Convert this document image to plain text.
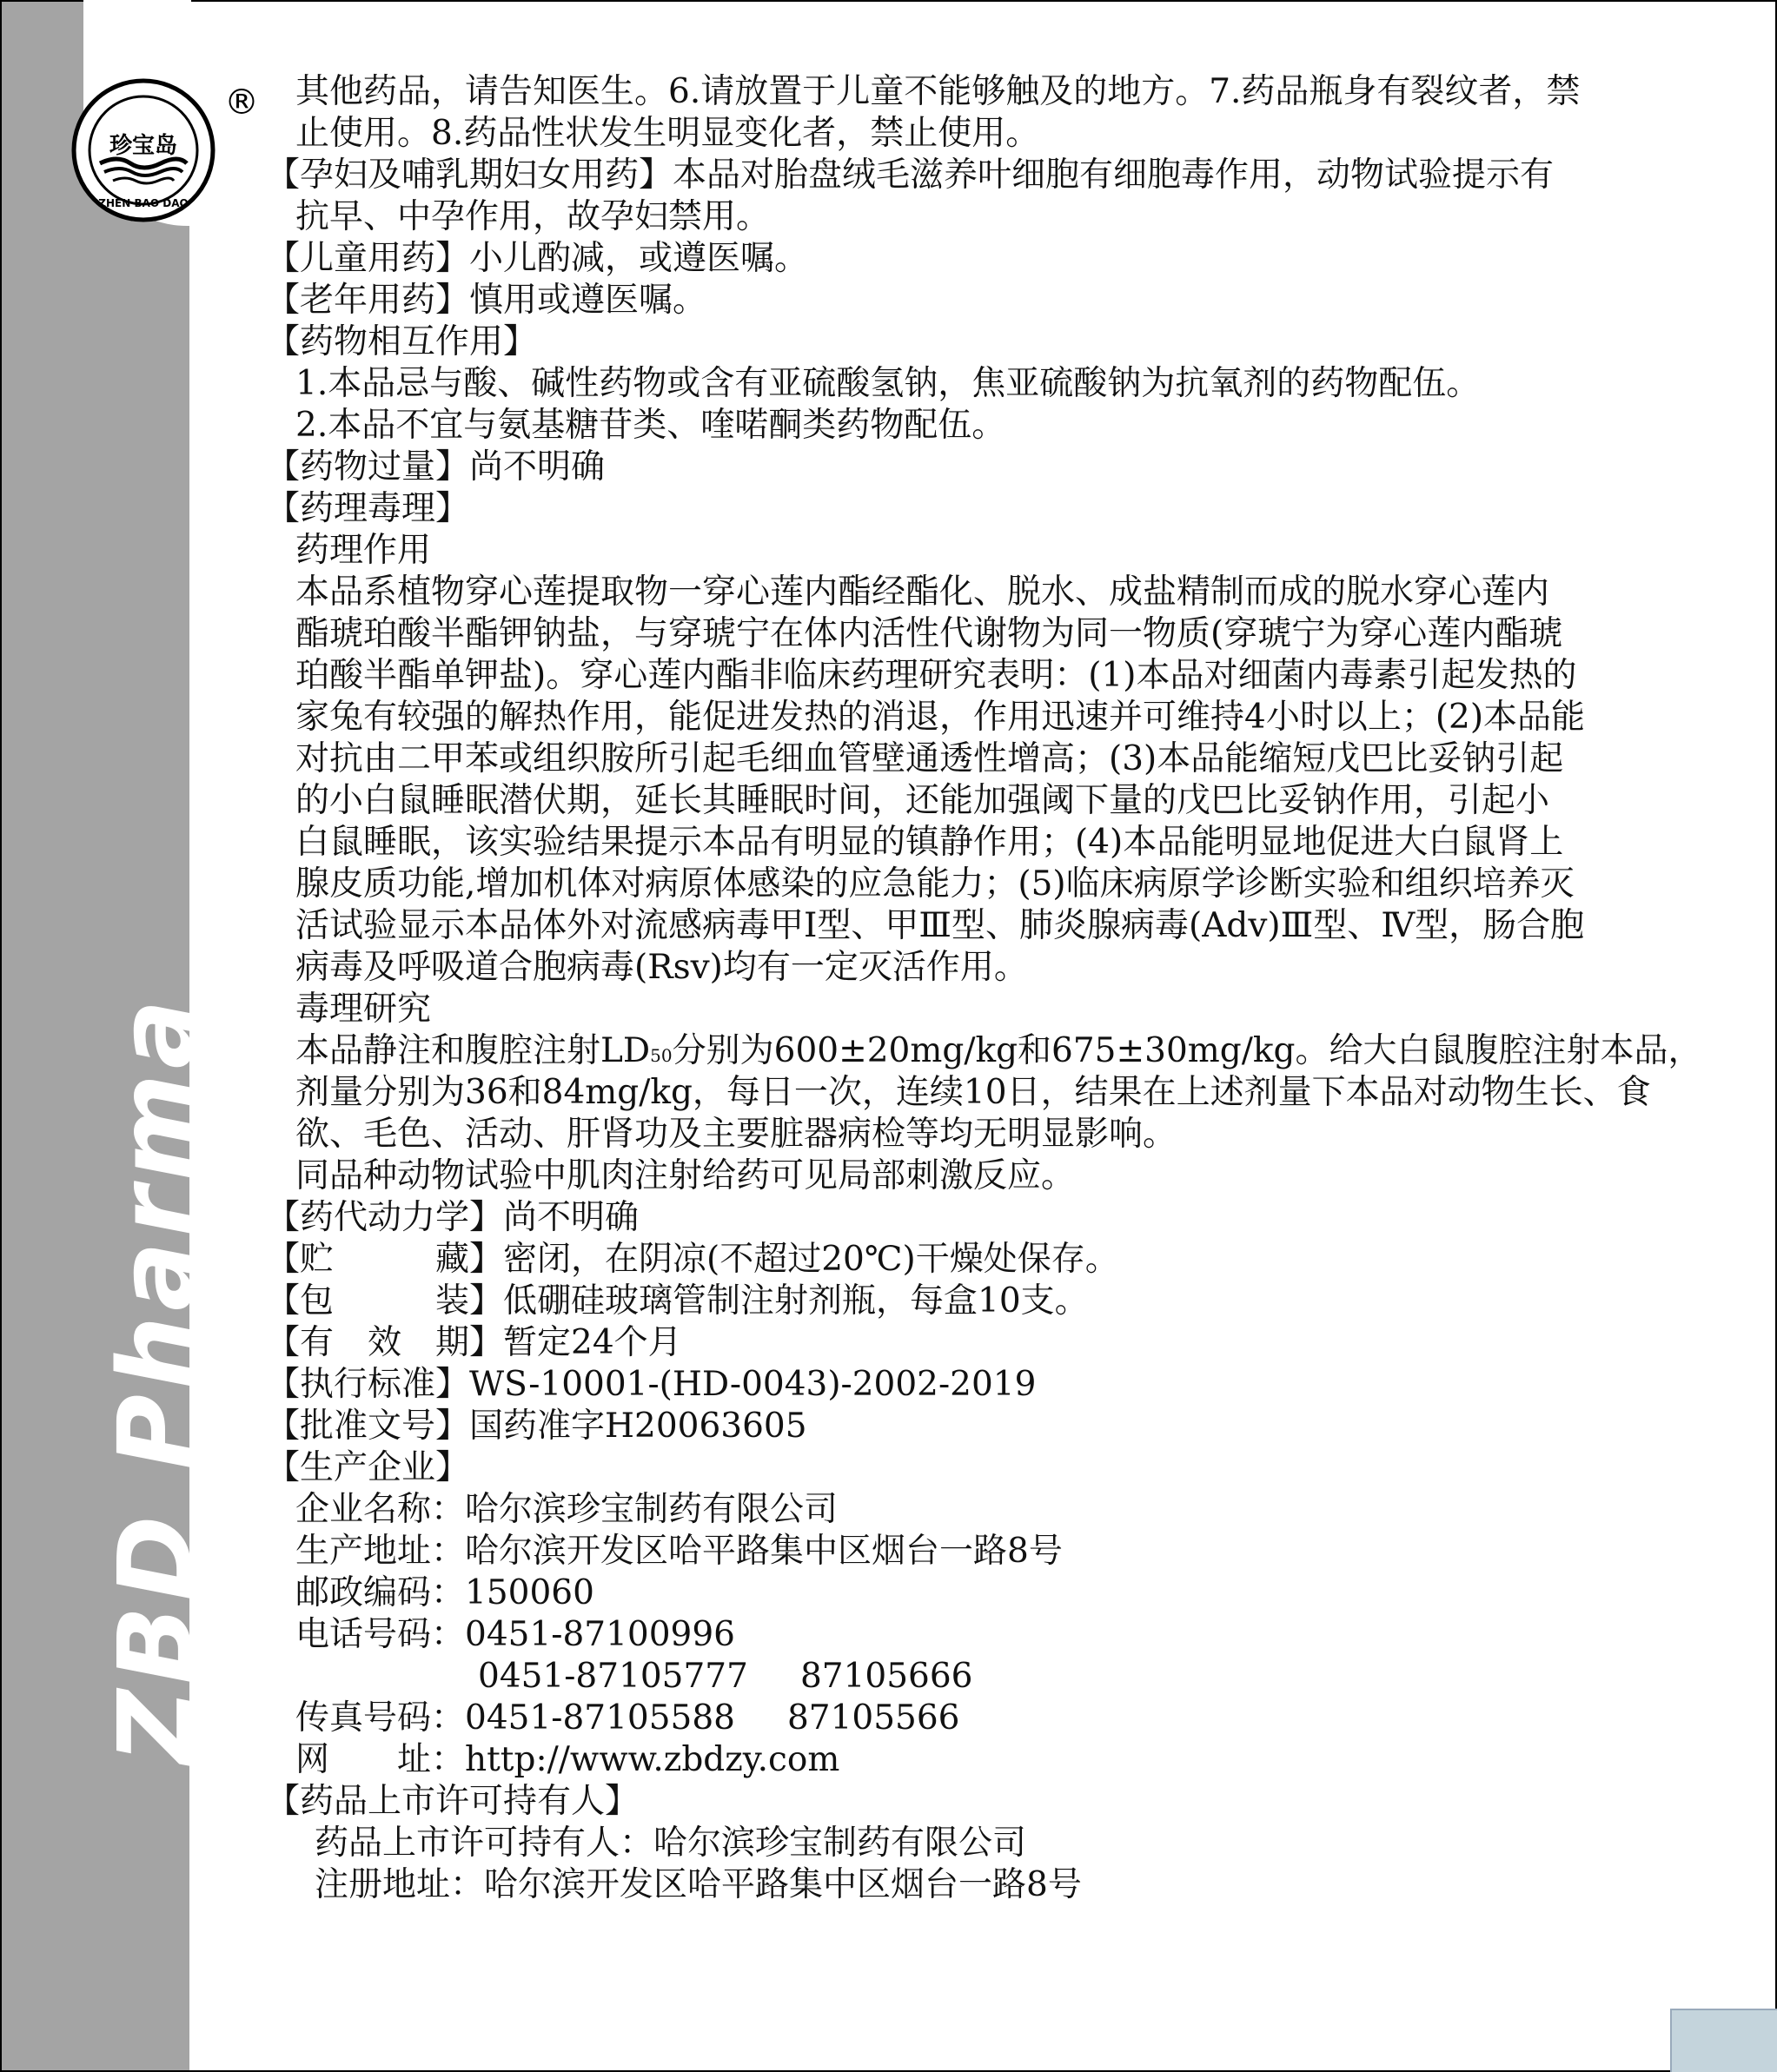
ZBD Pharma
珍宝岛
ZHEN BAO DAO
®	其他药品，请告知医生。6.请放置于儿童不能够触及的地方。7.药品瓶身有裂纹者，禁
止使用。8.药品性状发生明显变化者，禁止使用。
【孕妇及哺乳期妇女用药】本品对胎盘绒毛滋养叶细胞有细胞毒作用，动物试验提示有
抗早、中孕作用，故孕妇禁用。
【儿童用药】小儿酌减，或遵医嘱。
【老年用药】慎用或遵医嘱。
【药物相互作用】
1.本品忌与酸、碱性药物或含有亚硫酸氢钠，焦亚硫酸钠为抗氧剂的药物配伍。
2.本品不宜与氨基糖苷类、喹喏酮类药物配伍。
【药物过量】尚不明确
【药理毒理】
药理作用
本品系植物穿心莲提取物一穿心莲内酯经酯化、脱水、成盐精制而成的脱水穿心莲内
酯琥珀酸半酯钾钠盐，与穿琥宁在体内活性代谢物为同一物质(穿琥宁为穿心莲内酯琥
珀酸半酯单钾盐)。穿心莲内酯非临床药理研究表明：(1)本品对细菌内毒素引起发热的
家兔有较强的解热作用，能促进发热的消退，作用迅速并可维持4小时以上；(2)本品能
对抗由二甲苯或组织胺所引起毛细血管壁通透性增高；(3)本品能缩短戊巴比妥钠引起
的小白鼠睡眠潜伏期，延长其睡眠时间，还能加强阈下量的戊巴比妥钠作用，引起小
白鼠睡眠，该实验结果提示本品有明显的镇静作用；(4)本品能明显地促进大白鼠肾上
腺皮质功能,增加机体对病原体感染的应急能力；(5)临床病原学诊断实验和组织培养灭
活试验显示本品体外对流感病毒甲Ⅰ型、甲Ⅲ型、肺炎腺病毒(Adv)Ⅲ型、Ⅳ型，肠合胞
病毒及呼吸道合胞病毒(Rsv)均有一定灭活作用。
毒理研究
本品静注和腹腔注射LD50分别为600±20mg/kg和675±30mg/kg。给大白鼠腹腔注射本品，
剂量分别为36和84mg/kg，每日一次，连续10日，结果在上述剂量下本品对动物生长、食
欲、毛色、活动、肝肾功及主要脏器病检等均无明显影响。
同品种动物试验中肌肉注射给药可见局部刺激反应。
【药代动力学】尚不明确
【贮　　　藏】密闭，在阴凉(不超过20℃)干燥处保存。
【包　　　装】低硼硅玻璃管制注射剂瓶，每盒10支。
【有　效　期】暂定24个月
【执行标准】WS-10001-(HD-0043)-2002-2019
【批准文号】国药准字H20063605
【生产企业】
企业名称：哈尔滨珍宝制药有限公司
生产地址：哈尔滨开发区哈平路集中区烟台一路8号
邮政编码：150060
电话号码：0451-87100996
0451-87105777 87105666
传真号码：0451-87105588 87105566
网　　址：http://www.zbdzy.com
【药品上市许可持有人】
药品上市许可持有人：哈尔滨珍宝制药有限公司
注册地址：哈尔滨开发区哈平路集中区烟台一路8号
